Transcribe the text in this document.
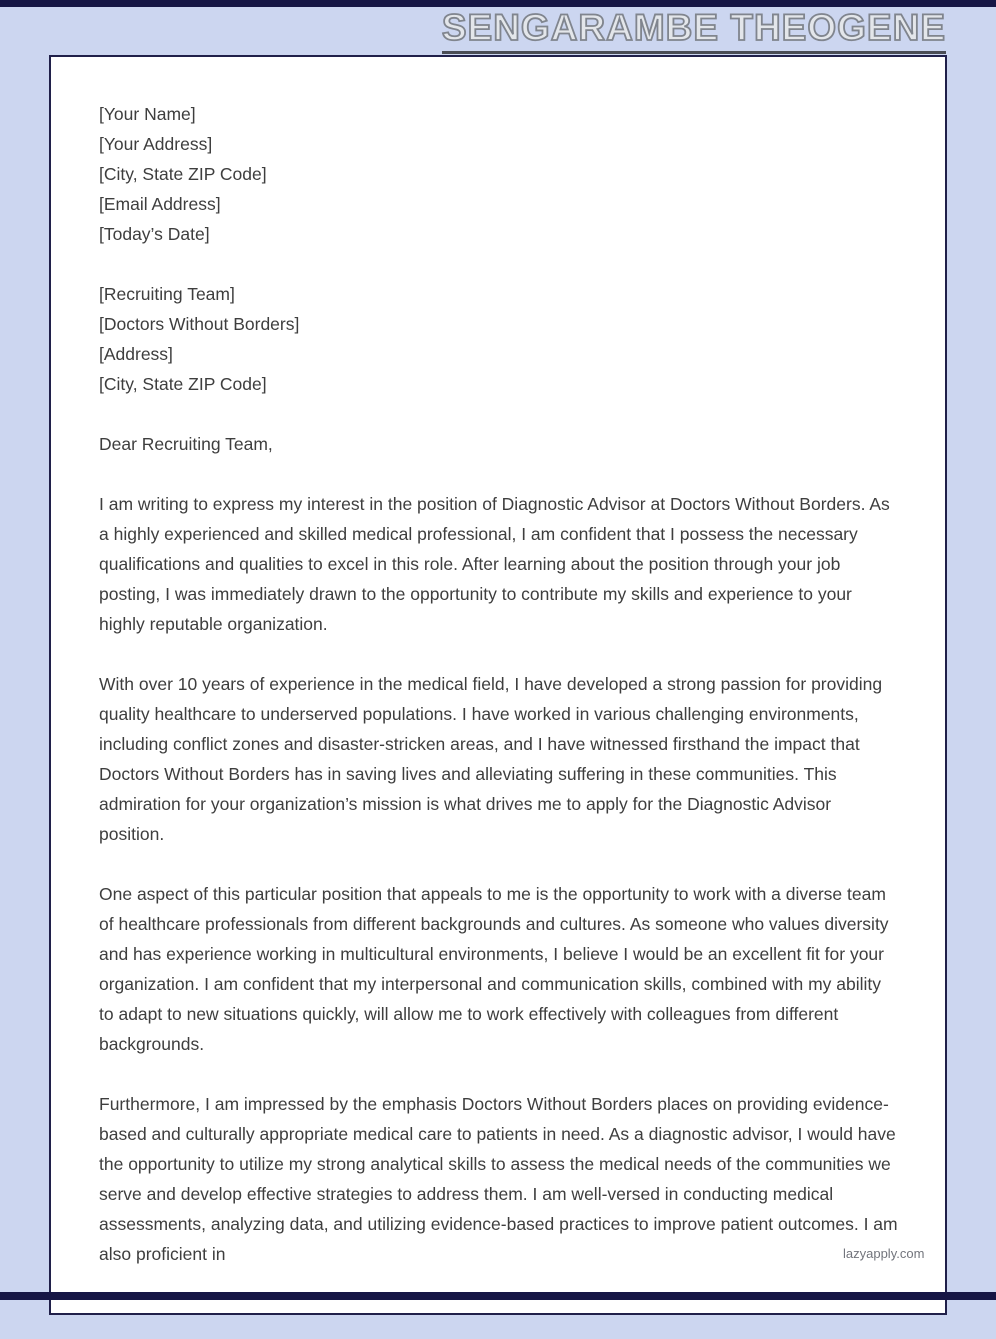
SENGARAMBE THEOGENE

[Your Name]

[Your Address]

[City, State ZIP Code]

[Email Address]

[Today’s Date]

[Recruiting Team]

[Doctors Without Borders]

[Address]

[City, State ZIP Code]

Dear Recruiting Team,

I am writing to express my interest in the position of Diagnostic Advisor at Doctors Without Borders. As a highly experienced and skilled medical professional, I am confident that I possess the necessary qualifications and qualities to excel in this role. After learning about the position through your job posting, I was immediately drawn to the opportunity to contribute my skills and experience to your highly reputable organization.

With over 10 years of experience in the medical field, I have developed a strong passion for providing quality healthcare to underserved populations. I have worked in various challenging environments, including conflict zones and disaster-stricken areas, and I have witnessed firsthand the impact that Doctors Without Borders has in saving lives and alleviating suffering in these communities. This admiration for your organization’s mission is what drives me to apply for the Diagnostic Advisor position.

One aspect of this particular position that appeals to me is the opportunity to work with a diverse team of healthcare professionals from different backgrounds and cultures. As someone who values diversity and has experience working in multicultural environments, I believe I would be an excellent fit for your organization. I am confident that my interpersonal and communication skills, combined with my ability to adapt to new situations quickly, will allow me to work effectively with colleagues from different backgrounds.

Furthermore, I am impressed by the emphasis Doctors Without Borders places on providing evidence-based and culturally appropriate medical care to patients in need. As a diagnostic advisor, I would have the opportunity to utilize my strong analytical skills to assess the medical needs of the communities we serve and develop effective strategies to address them. I am well-versed in conducting medical assessments, analyzing data, and utilizing evidence-based practices to improve patient outcomes. I am also proficient in	lazyapply.com
